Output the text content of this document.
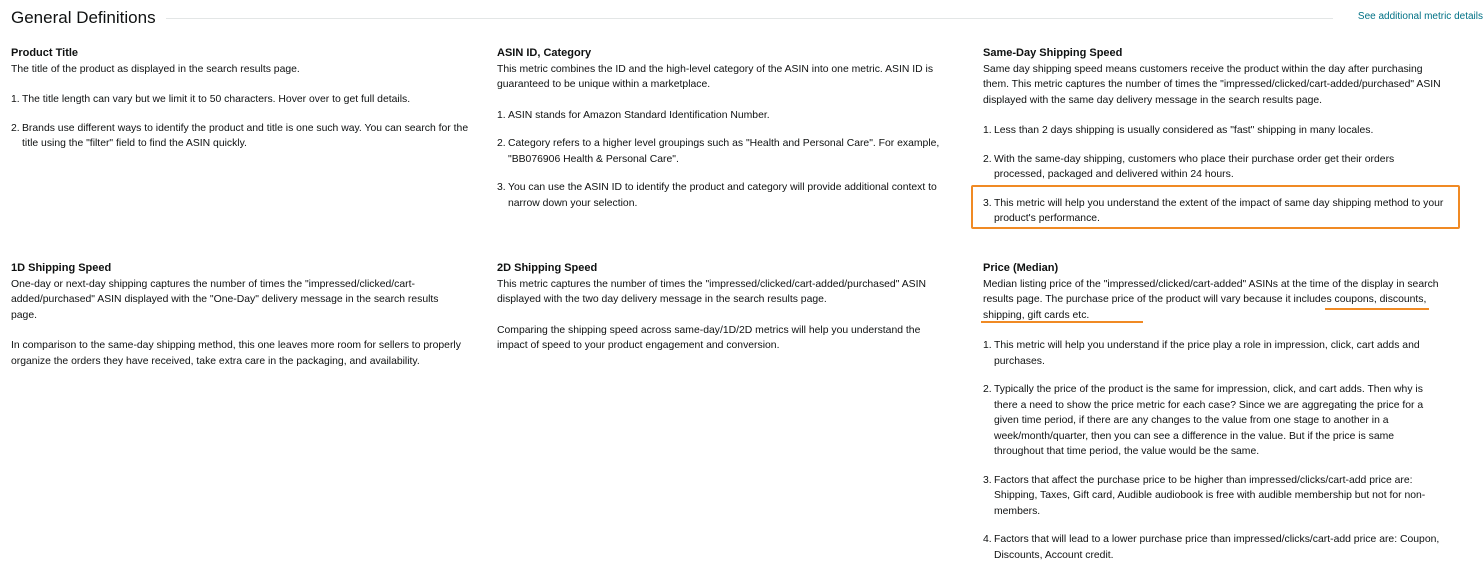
General Definitions	See additional metric details

Product Title

The title of the product as displayed in the search results page.

The title length can vary but we limit it to 50 characters. Hover over to get full details.
Brands use different ways to identify the product and title is one such way. You can search for the title using the "filter" field to find the ASIN quickly.

ASIN ID, Category

This metric combines the ID and the high-level category of the ASIN into one metric. ASIN ID is guaranteed to be unique within a marketplace.

ASIN stands for Amazon Standard Identification Number.
Category refers to a higher level groupings such as "Health and Personal Care". For example, "BB076906 Health & Personal Care".
You can use the ASIN ID to identify the product and category will provide additional context to narrow down your selection.

Same-Day Shipping Speed

Same day shipping speed means customers receive the product within the day after purchasing them. This metric captures the number of times the "impressed/clicked/cart-added/purchased" ASIN displayed with the same day delivery message in the search results page.

Less than 2 days shipping is usually considered as "fast" shipping in many locales.
With the same-day shipping, customers who place their purchase order get their orders processed, packaged and delivered within 24 hours.
This metric will help you understand the extent of the impact of same day shipping method to your product's performance.

1D Shipping Speed

One-day or next-day shipping captures the number of times the "impressed/clicked/cart-added/purchased" ASIN displayed with the "One-Day" delivery message in the search results page.

In comparison to the same-day shipping method, this one leaves more room for sellers to properly organize the orders they have received, take extra care in the packaging, and availability.

2D Shipping Speed

This metric captures the number of times the "impressed/clicked/cart-added/purchased" ASIN displayed with the two day delivery message in the search results page.

Comparing the shipping speed across same-day/1D/2D metrics will help you understand the impact of speed to your product engagement and conversion.

Price (Median)

Median listing price of the "impressed/clicked/cart-added" ASINs at the time of the display in search results page. The purchase price of the product will vary because it includes coupons, discounts, shipping, gift cards etc.

This metric will help you understand if the price play a role in impression, click, cart adds and purchases.
Typically the price of the product is the same for impression, click, and cart adds. Then why is there a need to show the price metric for each case? Since we are aggregating the price for a given time period, if there are any changes to the value from one stage to another in a week/month/quarter, then you can see a difference in the value. But if the price is same throughout that time period, the value would be the same.
Factors that affect the purchase price to be higher than impressed/clicks/cart-add price are: Shipping, Taxes, Gift card, Audible audiobook is free with audible membership but not for non-members.
Factors that will lead to a lower purchase price than impressed/clicks/cart-add price are: Coupon, Discounts, Account credit.
